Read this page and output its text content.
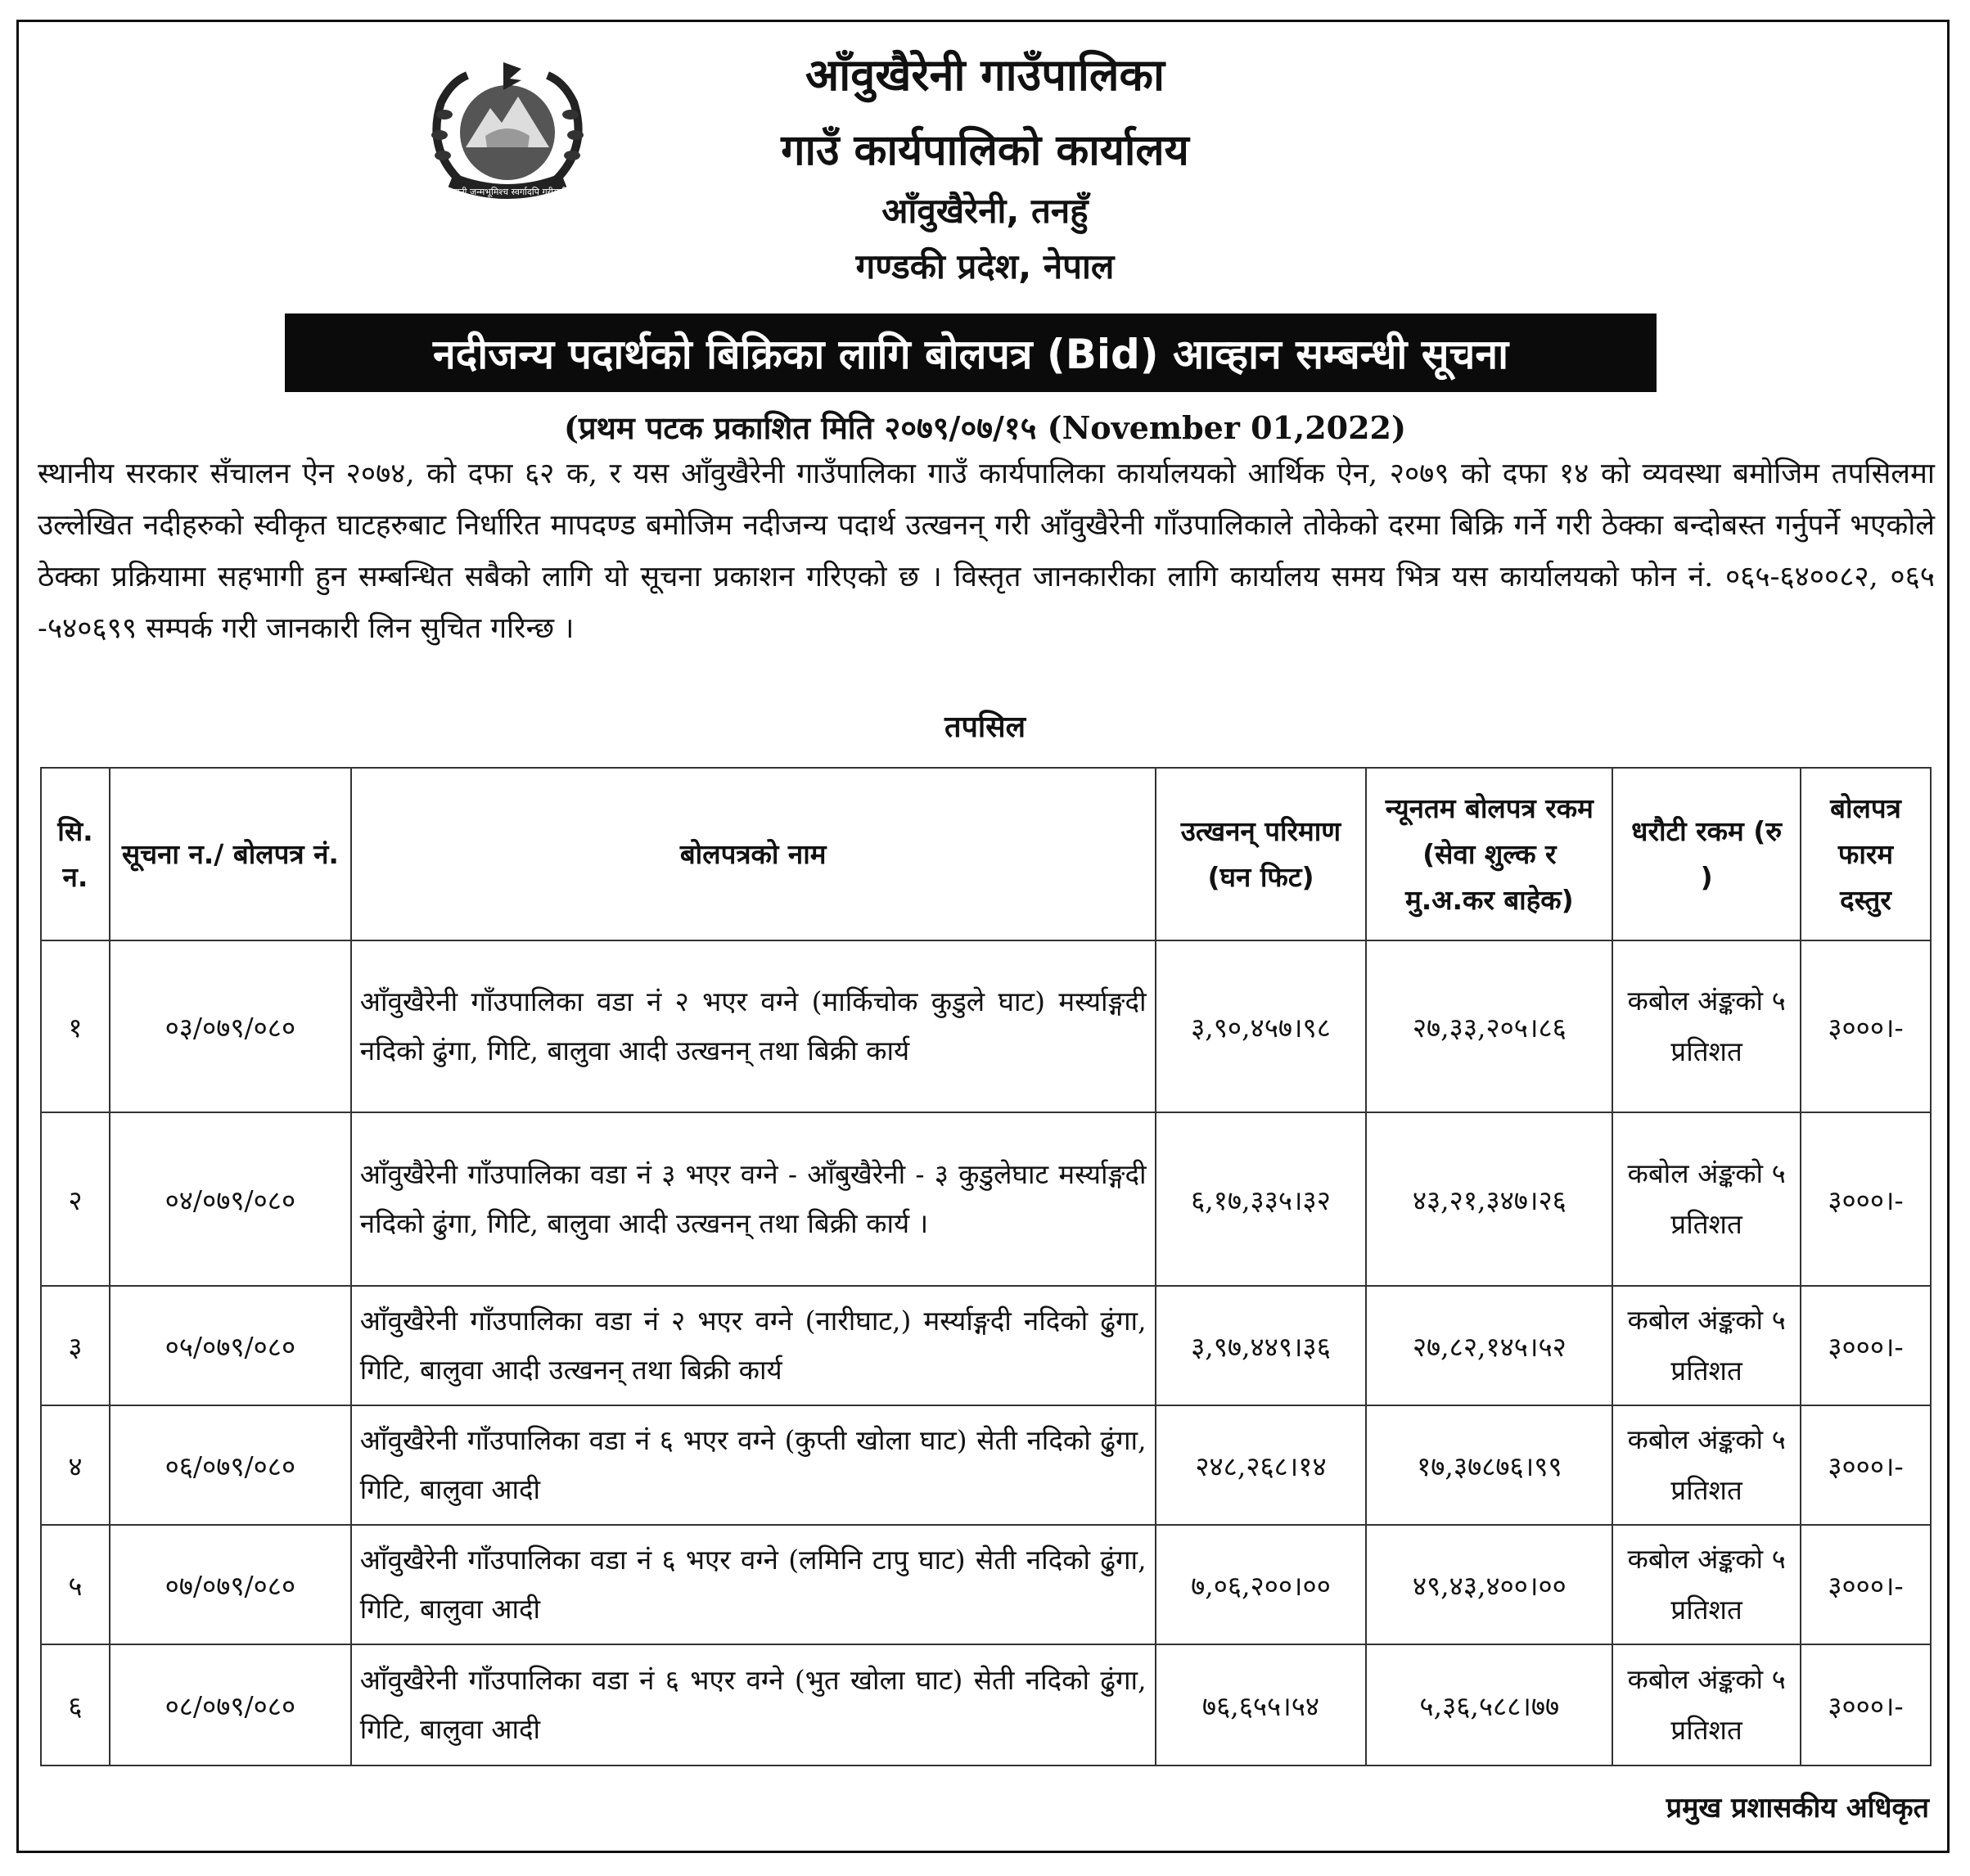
जननी जन्मभूमिश्च स्वर्गादपि गरीयसी
आँवुखैरेनी गाउँपालिका
गाउँ कार्यपालिको कार्यालय
आँवुखैरेनी, तनहुँ
गण्डकी प्रदेश, नेपाल
नदीजन्य पदार्थको बिक्रिका लागि बोलपत्र (Bid) आव्हान सम्बन्धी सूचना
(प्रथम पटक प्रकाशित मिति २०७९/०७/१५ (November 01,2022)
स्थानीय सरकार सँचालन ऐन २०७४, को दफा ६२ क, र यस आँवुखैरेनी गाउँपालिका गाउँ कार्यपालिका कार्यालयको आर्थिक ऐन, २०७९ को दफा १४ को व्यवस्था बमोजिम तपसिलमा उल्लेखित नदीहरुको स्वीकृत घाटहरुबाट निर्धारित मापदण्ड बमोजिम नदीजन्य पदार्थ उत्खनन् गरी आँवुखैरेनी गाँउपालिकाले तोकेको दरमा बिक्रि गर्ने गरी ठेक्का बन्दोबस्त गर्नुपर्ने भएकोले ठेक्का प्रक्रियामा सहभागी हुन सम्बन्धित सबैको लागि यो सूचना प्रकाशन गरिएको छ । विस्तृत जानकारीका लागि कार्यालय समय भित्र यस कार्यालयको फोन नं. ०६५-६४००८२, ०६५ -५४०६९९ सम्पर्क गरी जानकारी लिन सुचित गरिन्छ ।
तपसिल
सि. न.	सूचना न./ बोलपत्र नं.	बोलपत्रको नाम	उत्खनन् परिमाण (घन फिट)	न्यूनतम बोलपत्र रकम (सेवा शुल्क र मु.अ.कर बाहेक)	धरौटी रकम (रु )	बोलपत्र फारम दस्तुर
१	०३/०७९/०८०	आँवुखैरेनी गाँउपालिका वडा नं २ भएर वग्ने (मार्किचोक कुडुले घाट) मर्स्याङ्गदी नदिको ढुंगा, गिटि, बालुवा आदी उत्खनन् तथा बिक्री कार्य	३,९०,४५७।९८	२७,३३,२०५।८६	कबोल अंङ्कको ५ प्रतिशत	३०००।-
२	०४/०७९/०८०	आँवुखैरेनी गाँउपालिका वडा नं ३ भएर वग्ने - आँबुखैरेनी - ३ कुडुलेघाट मर्स्याङ्गदी नदिको ढुंगा, गिटि, बालुवा आदी उत्खनन् तथा बिक्री कार्य ।	६,१७,३३५।३२	४३,२१,३४७।२६	कबोल अंङ्कको ५ प्रतिशत	३०००।-
३	०५/०७९/०८०	आँवुखैरेनी गाँउपालिका वडा नं २ भएर वग्ने (नारीघाट,) मर्स्याङ्गदी नदिको ढुंगा, गिटि, बालुवा आदी उत्खनन् तथा बिक्री कार्य	३,९७,४४९।३६	२७,८२,१४५।५२	कबोल अंङ्कको ५ प्रतिशत	३०००।-
४	०६/०७९/०८०	आँवुखैरेनी गाँउपालिका वडा नं ६ भएर वग्ने (कुप्ती खोला घाट) सेती नदिको ढुंगा, गिटि, बालुवा आदी	२४८,२६८।१४	१७,३७८७६।९९	कबोल अंङ्कको ५ प्रतिशत	३०००।-
५	०७/०७९/०८०	आँवुखैरेनी गाँउपालिका वडा नं ६ भएर वग्ने (लमिनि टापु घाट) सेती नदिको ढुंगा, गिटि, बालुवा आदी	७,०६,२००।००	४९,४३,४००।००	कबोल अंङ्कको ५ प्रतिशत	३०००।-
६	०८/०७९/०८०	आँवुखैरेनी गाँउपालिका वडा नं ६ भएर वग्ने (भुत खोला घाट) सेती नदिको ढुंगा, गिटि, बालुवा आदी	७६,६५५।५४	५,३६,५८८।७७	कबोल अंङ्कको ५ प्रतिशत	३०००।-
प्रमुख प्रशासकीय अधिकृत
